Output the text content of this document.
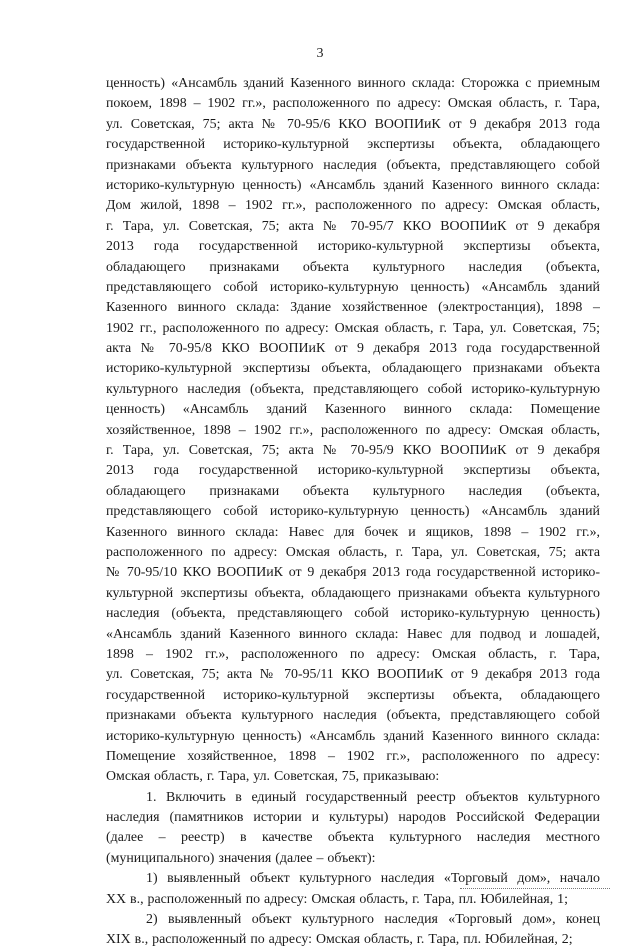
3
ценность) «Ансамбль зданий Казенного винного склада: Сторожка с приемным
покоем, 1898 – 1902 гг.», расположенного по адресу: Омская область, г. Тара,
ул. Советская, 75; акта № 70-95/6 ККО ВООПИиК от 9 декабря 2013 года
государственной историко-культурной экспертизы объекта, обладающего
признаками объекта культурного наследия (объекта, представляющего собой
историко-культурную ценность) «Ансамбль зданий Казенного винного склада:
Дом жилой, 1898 – 1902 гг.», расположенного по адресу: Омская область,
г. Тара, ул. Советская, 75; акта № 70-95/7 ККО ВООПИиК от 9 декабря
2013 года государственной историко-культурной экспертизы объекта,
обладающего признаками объекта культурного наследия (объекта,
представляющего собой историко-культурную ценность) «Ансамбль зданий
Казенного винного склада: Здание хозяйственное (электростанция), 1898 –
1902 гг., расположенного по адресу: Омская область, г. Тара, ул. Советская, 75;
акта № 70-95/8 ККО ВООПИиК от 9 декабря 2013 года государственной
историко-культурной экспертизы объекта, обладающего признаками объекта
культурного наследия (объекта, представляющего собой историко-культурную
ценность) «Ансамбль зданий Казенного винного склада: Помещение
хозяйственное, 1898 – 1902 гг.», расположенного по адресу: Омская область,
г. Тара, ул. Советская, 75; акта № 70-95/9 ККО ВООПИиК от 9 декабря
2013 года государственной историко-культурной экспертизы объекта,
обладающего признаками объекта культурного наследия (объекта,
представляющего собой историко-культурную ценность) «Ансамбль зданий
Казенного винного склада: Навес для бочек и ящиков, 1898 – 1902 гг.»,
расположенного по адресу: Омская область, г. Тара, ул. Советская, 75; акта
№ 70-95/10 ККО ВООПИиК от 9 декабря 2013 года государственной историко-
культурной экспертизы объекта, обладающего признаками объекта культурного
наследия (объекта, представляющего собой историко-культурную ценность)
«Ансамбль зданий Казенного винного склада: Навес для подвод и лошадей,
1898 – 1902 гг.», расположенного по адресу: Омская область, г. Тара,
ул. Советская, 75; акта № 70-95/11 ККО ВООПИиК от 9 декабря 2013 года
государственной историко-культурной экспертизы объекта, обладающего
признаками объекта культурного наследия (объекта, представляющего собой
историко-культурную ценность) «Ансамбль зданий Казенного винного склада:
Помещение хозяйственное, 1898 – 1902 гг.», расположенного по адресу:
Омская область, г. Тара, ул. Советская, 75, приказываю:
1. Включить в единый государственный реестр объектов культурного
наследия (памятников истории и культуры) народов Российской Федерации
(далее – реестр) в качестве объекта культурного наследия местного
(муниципального) значения (далее – объект):
1) выявленный объект культурного наследия «Торговый дом», начало
XX в., расположенный по адресу: Омская область, г. Тара, пл. Юбилейная, 1;
2) выявленный объект культурного наследия «Торговый дом», конец
XIX в., расположенный по адресу: Омская область, г. Тара, пл. Юбилейная, 2;
